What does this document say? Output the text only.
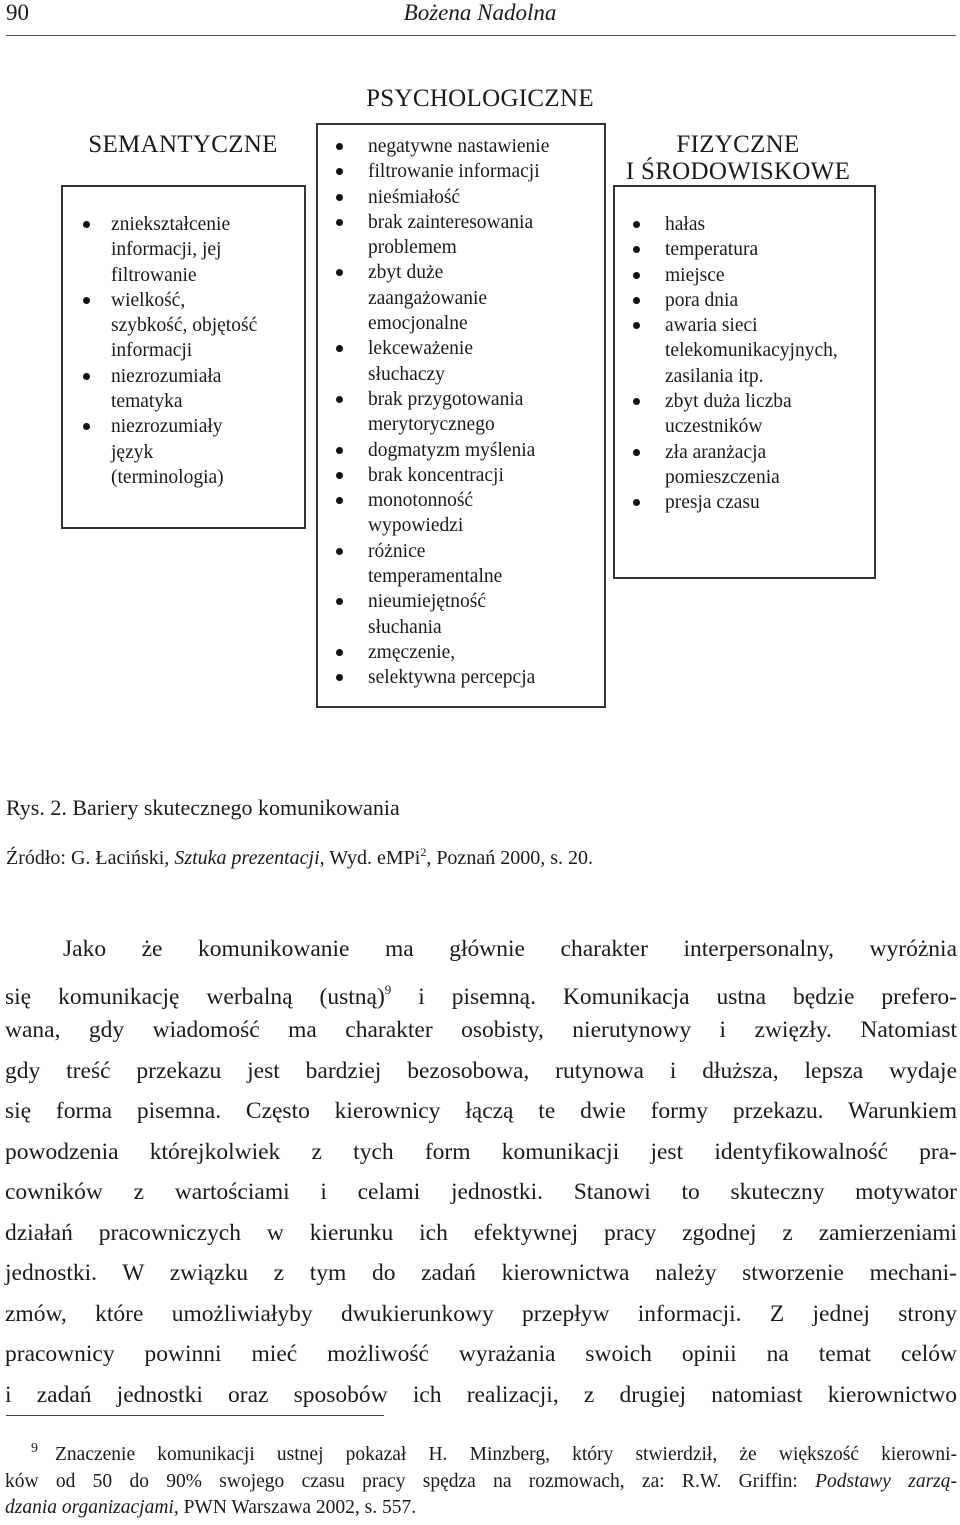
90	Bożena Nadolna
SEMANTYCZNE
zniekształcenie
informacji, jej
filtrowanie
wielkość,
szybkość, objętość
informacji
niezrozumiała
tematyka
niezrozumiały
język
(terminologia)
PSYCHOLOGICZNE
negatywne nastawienie
filtrowanie informacji
nieśmiałość
brak zainteresowania
problemem
zbyt duże
zaangażowanie
emocjonalne
lekceważenie
słuchaczy
brak przygotowania
merytorycznego
dogmatyzm myślenia
brak koncentracji
monotonność
wypowiedzi
różnice
temperamentalne
nieumiejętność
słuchania
zmęczenie,
selektywna percepcja
FIZYCZNE
I ŚRODOWISKOWE
hałas
temperatura
miejsce
pora dnia
awaria sieci
telekomunikacyjnych,
zasilania itp.
zbyt duża liczba
uczestników
zła aranżacja
pomieszczenia
presja czasu
Rys. 2. Bariery skutecznego komunikowania
Źródło: G. Łaciński, Sztuka prezentacji, Wyd. eMPi$^2$, Poznań 2000, s. 20.
Jako że komunikowanie ma głównie charakter interpersonalny, wyróżnia
się komunikację werbalną (ustną)$^9$ i pisemną. Komunikacja ustna będzie prefero-
wana, gdy wiadomość ma charakter osobisty, nierutynowy i zwięzły. Natomiast
gdy treść przekazu jest bardziej bezosobowa, rutynowa i dłuższa, lepsza wydaje
się forma pisemna. Często kierownicy łączą te dwie formy przekazu. Warunkiem
powodzenia którejkolwiek z tych form komunikacji jest identyfikowalność pra-
cowników z wartościami i celami jednostki. Stanowi to skuteczny motywator
działań pracowniczych w kierunku ich efektywnej pracy zgodnej z zamierzeniami
jednostki. W związku z tym do zadań kierownictwa należy stworzenie mechani-
zmów, które umożliwiałyby dwukierunkowy przepływ informacji. Z jednej strony
pracownicy powinni mieć możliwość wyrażania swoich opinii na temat celów
i zadań jednostki oraz sposobów ich realizacji, z drugiej natomiast kierownictwo
9 Znaczenie komunikacji ustnej pokazał H. Minzberg, który stwierdził, że większość kierowni-
ków od 50 do 90% swojego czasu pracy spędza na rozmowach, za: R.W. Griffin: Podstawy zarzą-
dzania organizacjami, PWN Warszawa 2002, s. 557.
